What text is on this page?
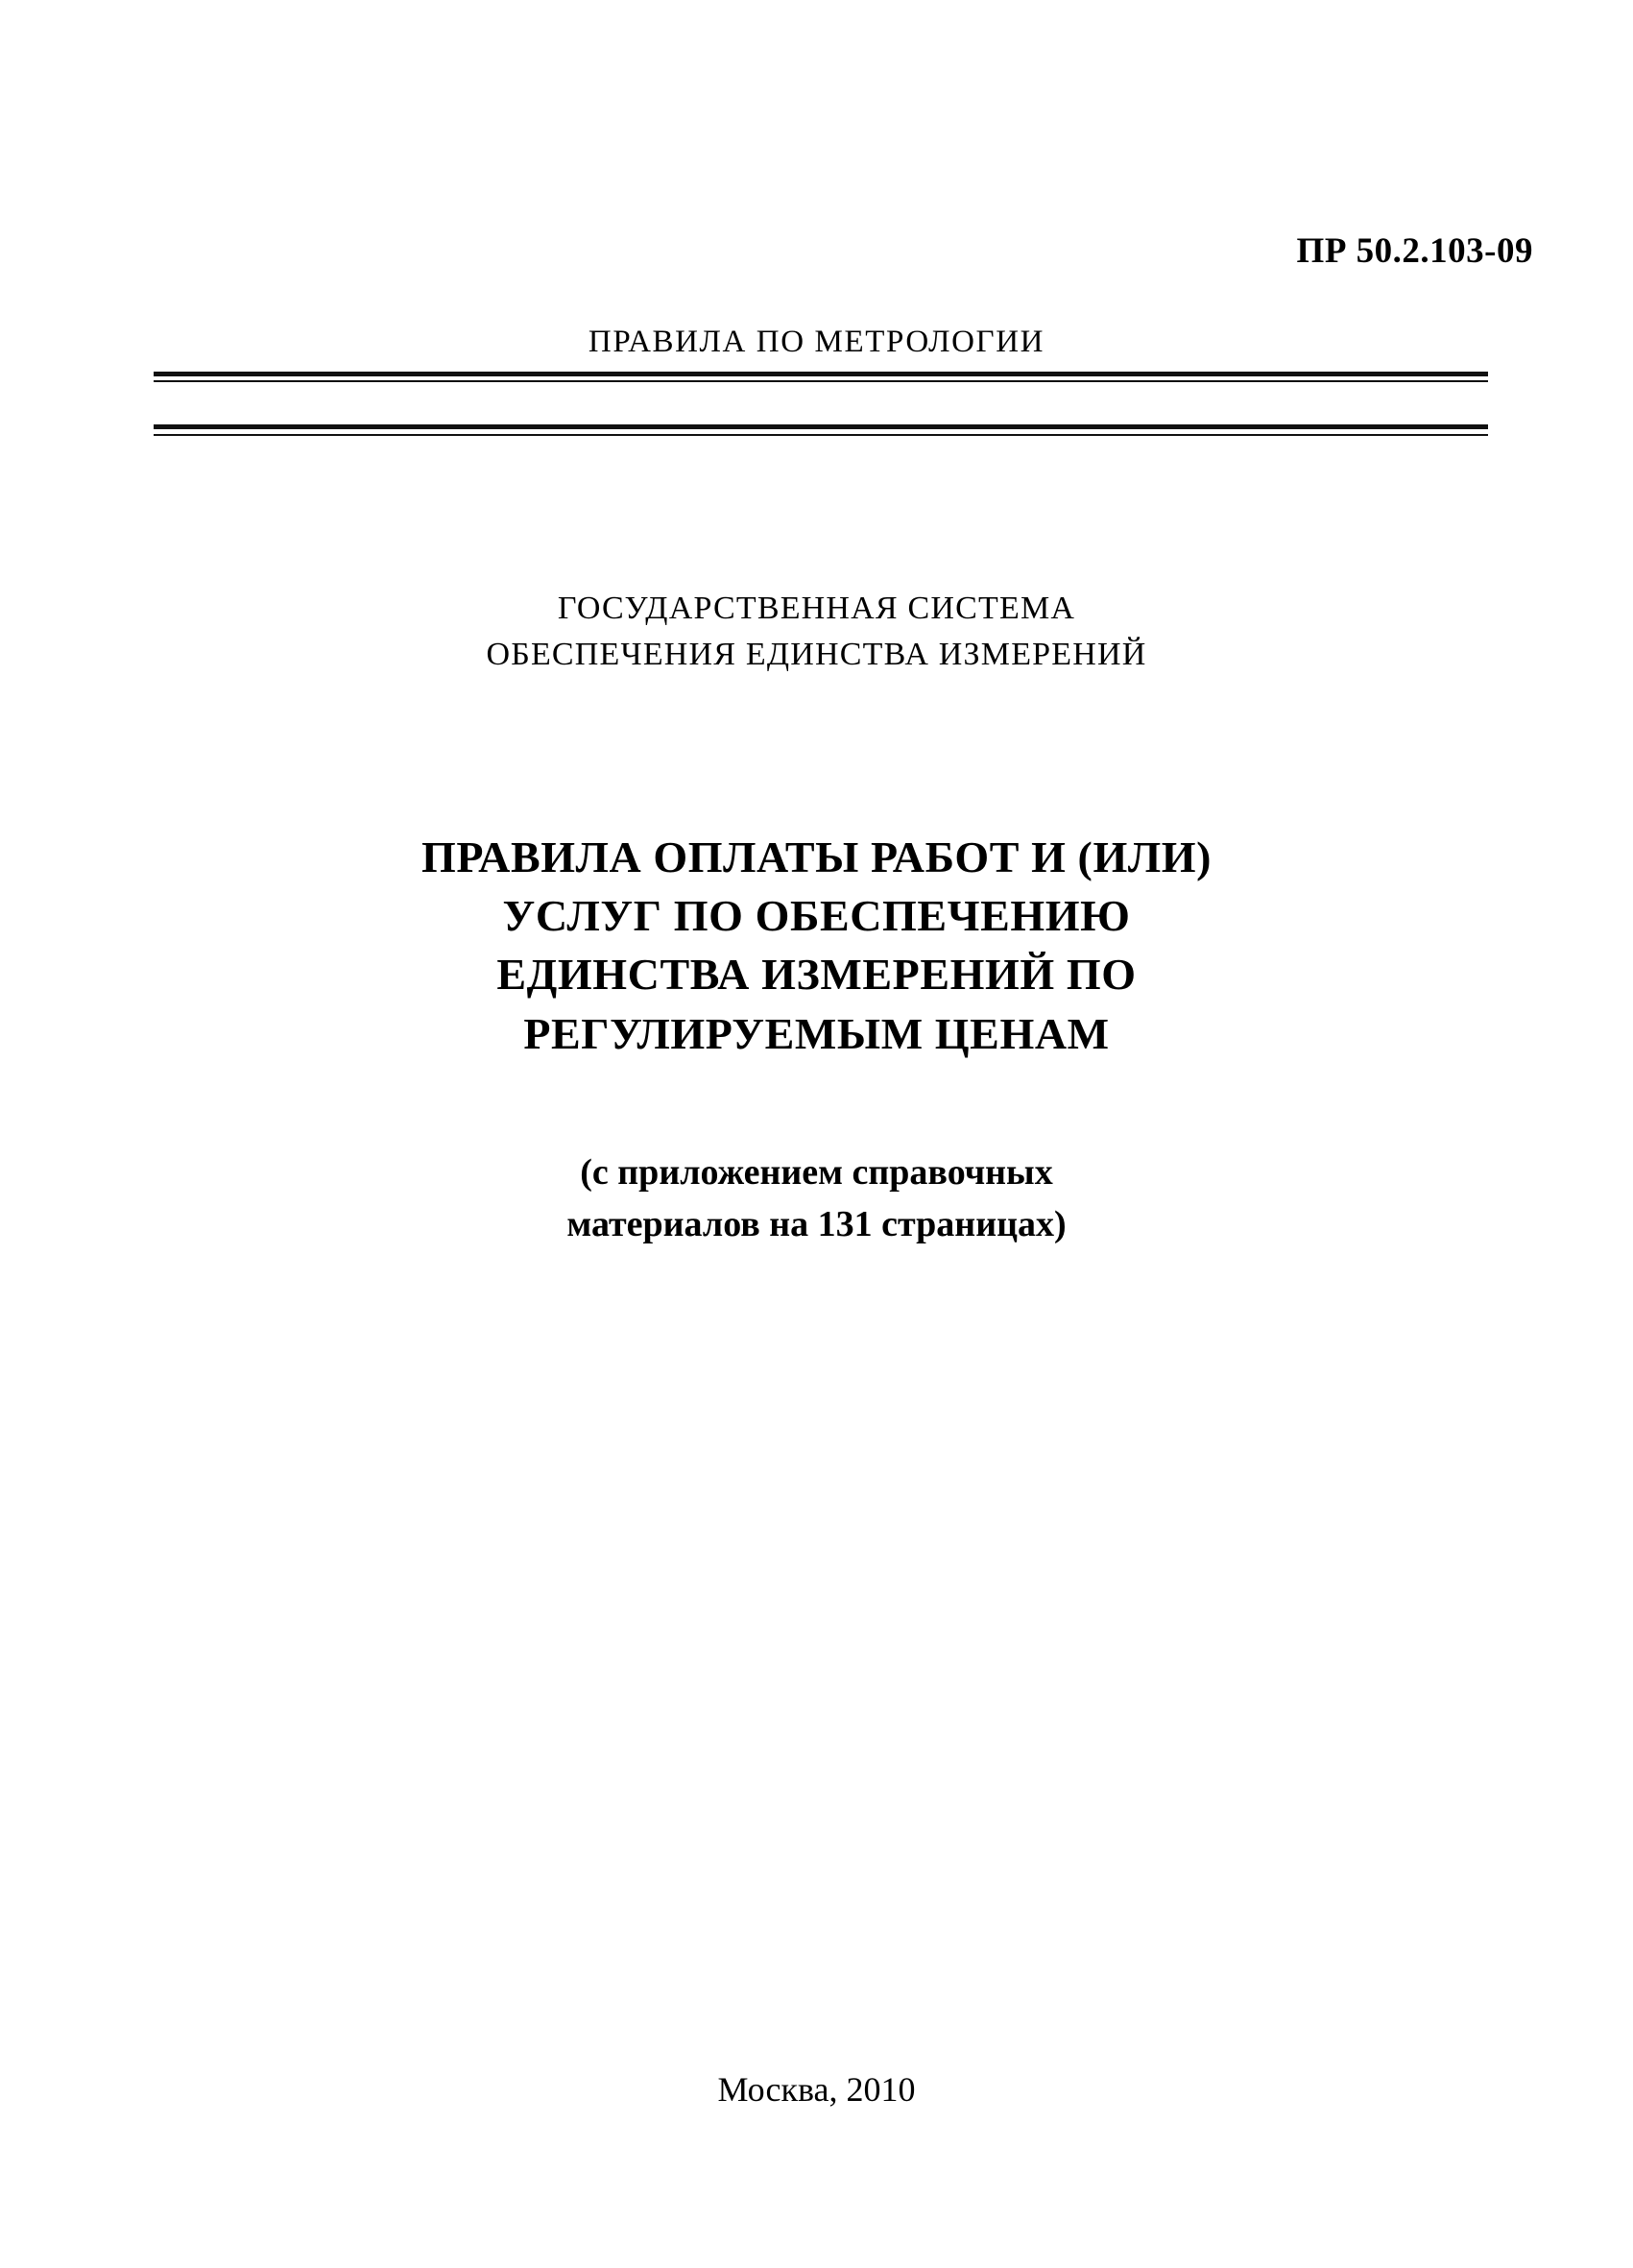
ПР 50.2.103-09
ПРАВИЛА ПО МЕТРОЛОГИИ
ГОСУДАРСТВЕННАЯ СИСТЕМА
ОБЕСПЕЧЕНИЯ ЕДИНСТВА ИЗМЕРЕНИЙ
ПРАВИЛА ОПЛАТЫ РАБОТ И (ИЛИ)
УСЛУГ ПО ОБЕСПЕЧЕНИЮ
ЕДИНСТВА ИЗМЕРЕНИЙ ПО
РЕГУЛИРУЕМЫМ ЦЕНАМ
(с приложением справочных
материалов на 131 страницах)
Москва, 2010
